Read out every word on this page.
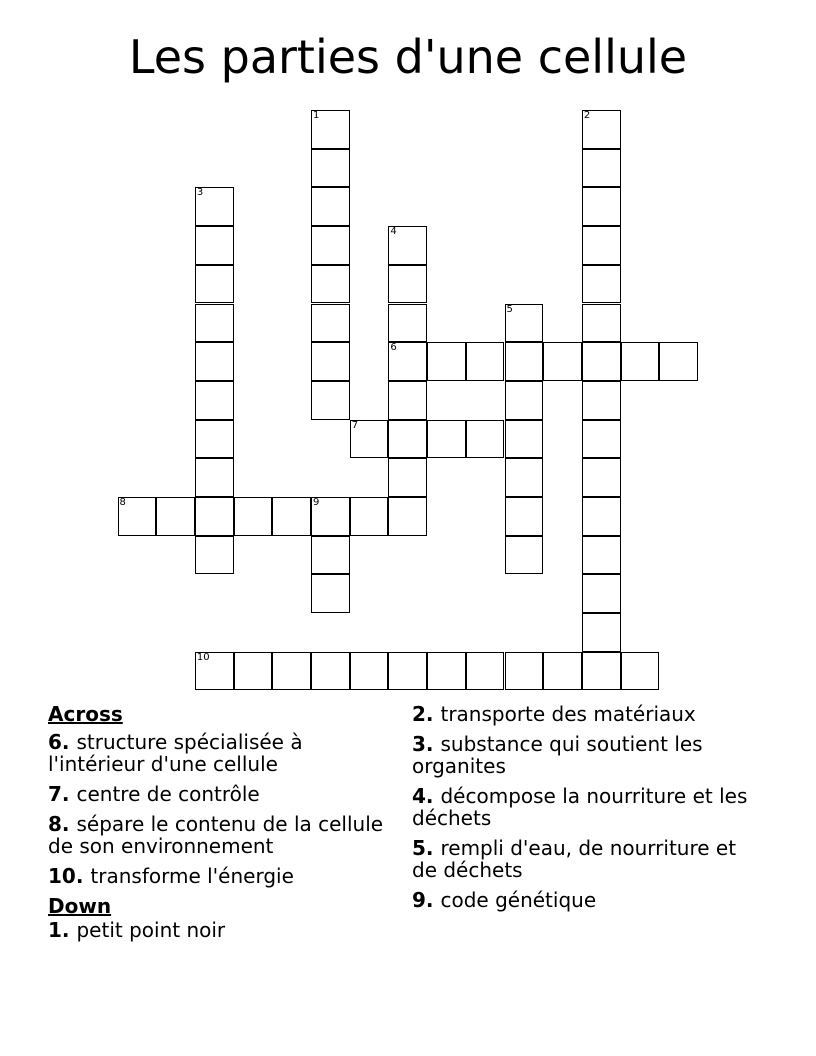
Les parties d'une cellule
1	2
3
4
6
5
7
8	9
10
Across
6. structure spécialisée à l'intérieur d'une cellule
7. centre de contrôle
8. sépare le contenu de la cellule de son environnement
10. transforme l'énergie
Down
1. petit point noir
2. transporte des matériaux
3. substance qui soutient les organites
4. décompose la nourriture et les déchets
5. rempli d'eau, de nourriture et de déchets
9. code génétique
